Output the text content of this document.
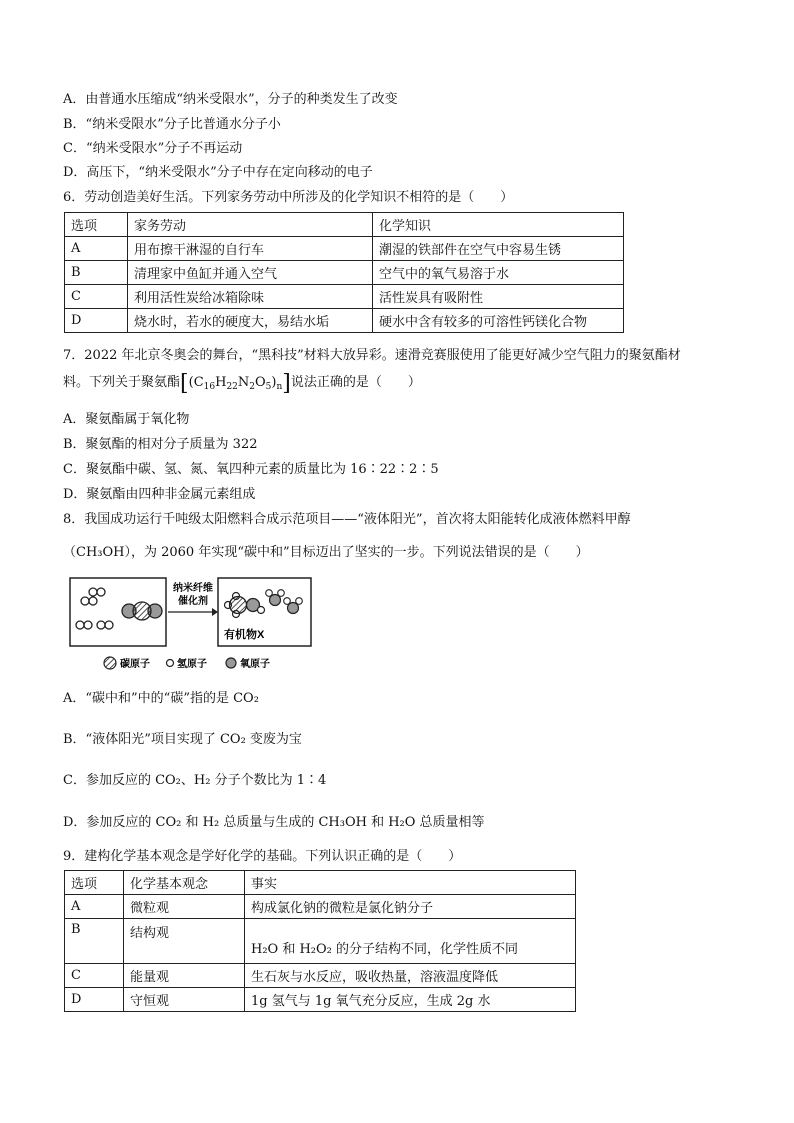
A．由普通水压缩成“纳米受限水”，分子的种类发生了改变
B．“纳米受限水”分子比普通水分子小
C．“纳米受限水”分子不再运动
D．高压下，“纳米受限水”分子中存在定向移动的电子
6．劳动创造美好生活。下列家务劳动中所涉及的化学知识不相符的是（　　）
选项	家务劳动	化学知识
A	用布擦干淋湿的自行车	潮湿的铁部件在空气中容易生锈
B	清理家中鱼缸并通入空气	空气中的氧气易溶于水
C	利用活性炭给冰箱除味	活性炭具有吸附性
D	烧水时，若水的硬度大，易结水垢	硬水中含有较多的可溶性钙镁化合物
7．2022 年北京冬奥会的舞台，“黑科技”材料大放异彩。速滑竞赛服使用了能更好减少空气阻力的聚氨酯材
料。下列关于聚氨酯$[(C_{16}H_{22}N_2O_5)_n]$说法正确的是（　　）
A．聚氨酯属于氧化物
B．聚氨酯的相对分子质量为 322
C．聚氨酯中碳、氢、氮、氧四种元素的质量比为 16∶22∶2∶5
D．聚氨酯由四种非金属元素组成
8．我国成功运行千吨级太阳燃料合成示范项目——“液体阳光”，首次将太阳能转化成液体燃料甲醇
（CH₃OH），为 2060 年实现“碳中和”目标迈出了坚实的一步。下列说法错误的是（　　）
纳米纤维
催化剂
有机物X
碳原子	氢原子	氧原子
A．“碳中和”中的“碳”指的是 CO₂
B．“液体阳光”项目实现了 CO₂ 变废为宝
C．参加反应的 CO₂、H₂ 分子个数比为 1∶4
D．参加反应的 CO₂ 和 H₂ 总质量与生成的 CH₃OH 和 H₂O 总质量相等
9．建构化学基本观念是学好化学的基础。下列认识正确的是（　　）
选项	化学基本观念	事实
A	微粒观	构成氯化钠的微粒是氯化钠分子
B	结构观	H₂O 和 H₂O₂ 的分子结构不同，化学性质不同
C	能量观	生石灰与水反应，吸收热量，溶液温度降低
D	守恒观	1g 氢气与 1g 氧气充分反应，生成 2g 水
